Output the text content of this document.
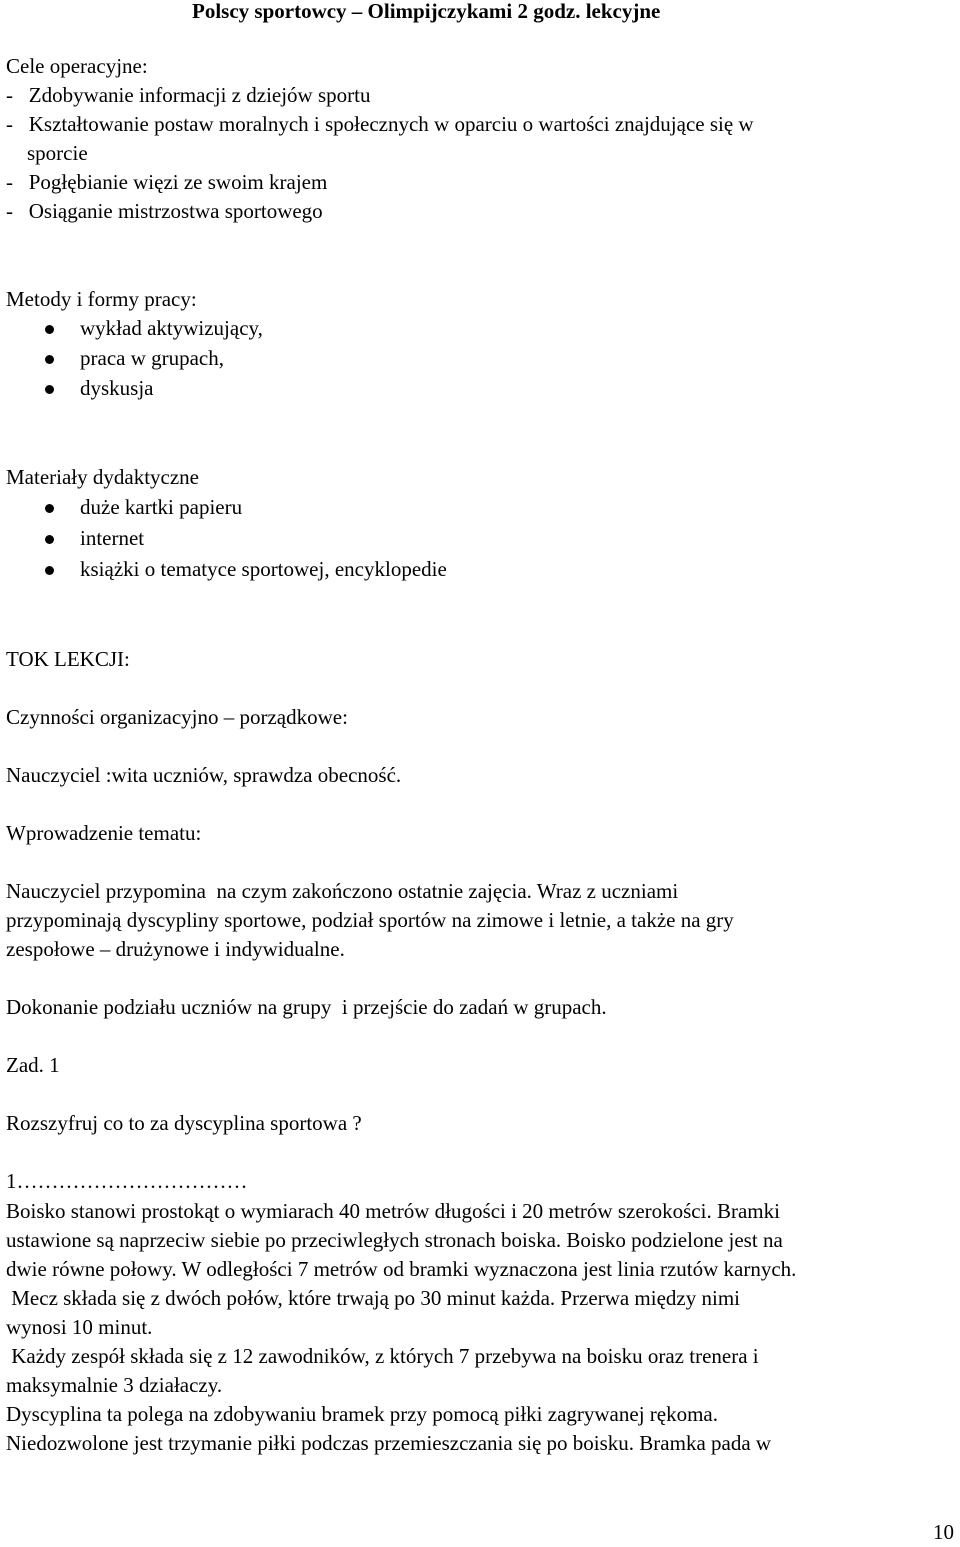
Polscy sportowcy – Olimpijczykami 2 godz. lekcyjne
Cele operacyjne:
-   Zdobywanie informacji z dziejów sportu
-   Kształtowanie postaw moralnych i społecznych w oparciu o wartości znajdujące się w
sporcie
-   Pogłębianie więzi ze swoim krajem
-   Osiąganie mistrzostwa sportowego
Metody i formy pracy:
wykład aktywizujący,
praca w grupach,
dyskusja
Materiały dydaktyczne
duże kartki papieru
internet
książki o tematyce sportowej, encyklopedie
TOK LEKCJI:
Czynności organizacyjno – porządkowe:
Nauczyciel :wita uczniów, sprawdza obecność.
Wprowadzenie tematu:
Nauczyciel przypomina  na czym zakończono ostatnie zajęcia. Wraz z uczniami
przypominają dyscypliny sportowe, podział sportów na zimowe i letnie, a także na gry
zespołowe – drużynowe i indywidualne.
Dokonanie podziału uczniów na grupy  i przejście do zadań w grupach.
Zad. 1
Rozszyfruj co to za dyscyplina sportowa ?
1……………………………
Boisko stanowi prostokąt o wymiarach 40 metrów długości i 20 metrów szerokości. Bramki
ustawione są naprzeciw siebie po przeciwległych stronach boiska. Boisko podzielone jest na
dwie równe połowy. W odległości 7 metrów od bramki wyznaczona jest linia rzutów karnych.
Mecz składa się z dwóch połów, które trwają po 30 minut każda. Przerwa między nimi
wynosi 10 minut.
Każdy zespół składa się z 12 zawodników, z których 7 przebywa na boisku oraz trenera i
maksymalnie 3 działaczy.
Dyscyplina ta polega na zdobywaniu bramek przy pomocą piłki zagrywanej rękoma.
Niedozwolone jest trzymanie piłki podczas przemieszczania się po boisku. Bramka pada w
10
